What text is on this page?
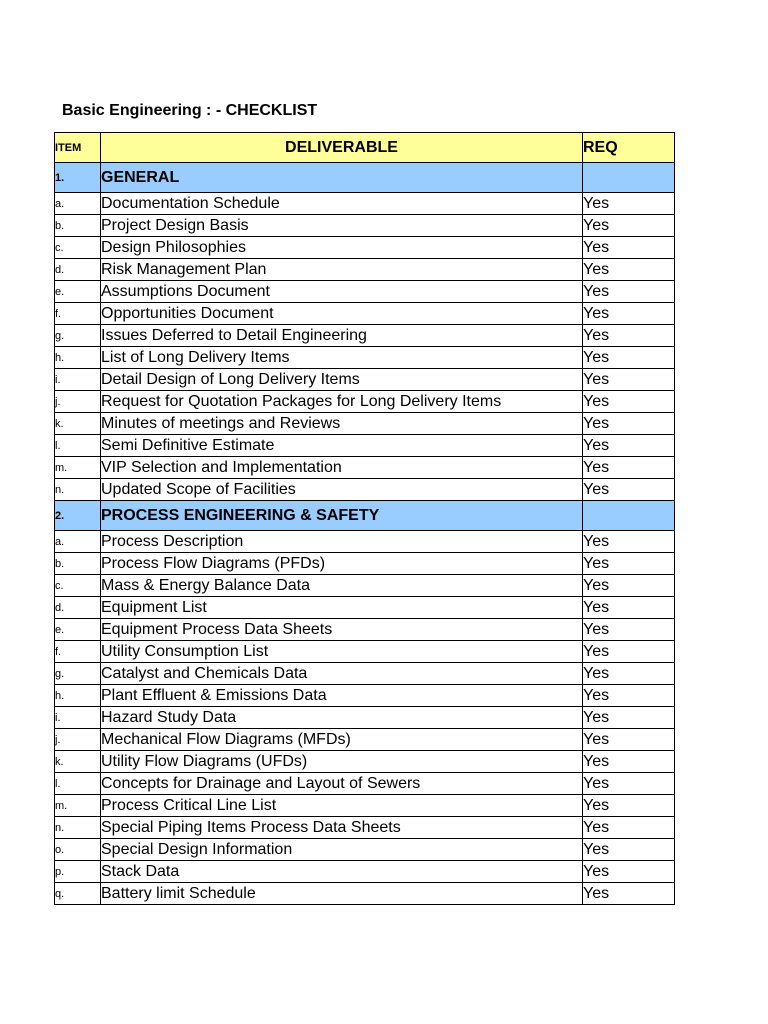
Basic Engineering : - CHECKLIST
ITEM	DELIVERABLE	REQ
1.	GENERAL	
a.	Documentation Schedule	Yes
b.	Project Design Basis	Yes
c.	Design Philosophies	Yes
d.	Risk Management Plan	Yes
e.	Assumptions Document	Yes
f.	Opportunities Document	Yes
g.	Issues Deferred to Detail Engineering	Yes
h.	List of Long Delivery Items	Yes
i.	Detail Design of Long Delivery Items	Yes
j.	Request for Quotation Packages for Long Delivery Items	Yes
k.	Minutes of meetings and Reviews	Yes
l.	Semi Definitive Estimate	Yes
m.	VIP Selection and Implementation	Yes
n.	Updated Scope of Facilities	Yes
2.	PROCESS ENGINEERING & SAFETY	
a.	Process Description	Yes
b.	Process Flow Diagrams (PFDs)	Yes
c.	Mass & Energy Balance Data	Yes
d.	Equipment List	Yes
e.	Equipment Process Data Sheets	Yes
f.	Utility Consumption List	Yes
g.	Catalyst and Chemicals Data	Yes
h.	Plant Effluent & Emissions Data	Yes
i.	Hazard Study Data	Yes
j.	Mechanical Flow Diagrams (MFDs)	Yes
k.	Utility Flow Diagrams (UFDs)	Yes
l.	Concepts for Drainage and Layout of Sewers	Yes
m.	Process Critical Line List	Yes
n.	Special Piping Items Process Data Sheets	Yes
o.	Special Design Information	Yes
p.	Stack Data	Yes
q.	Battery limit Schedule	Yes
